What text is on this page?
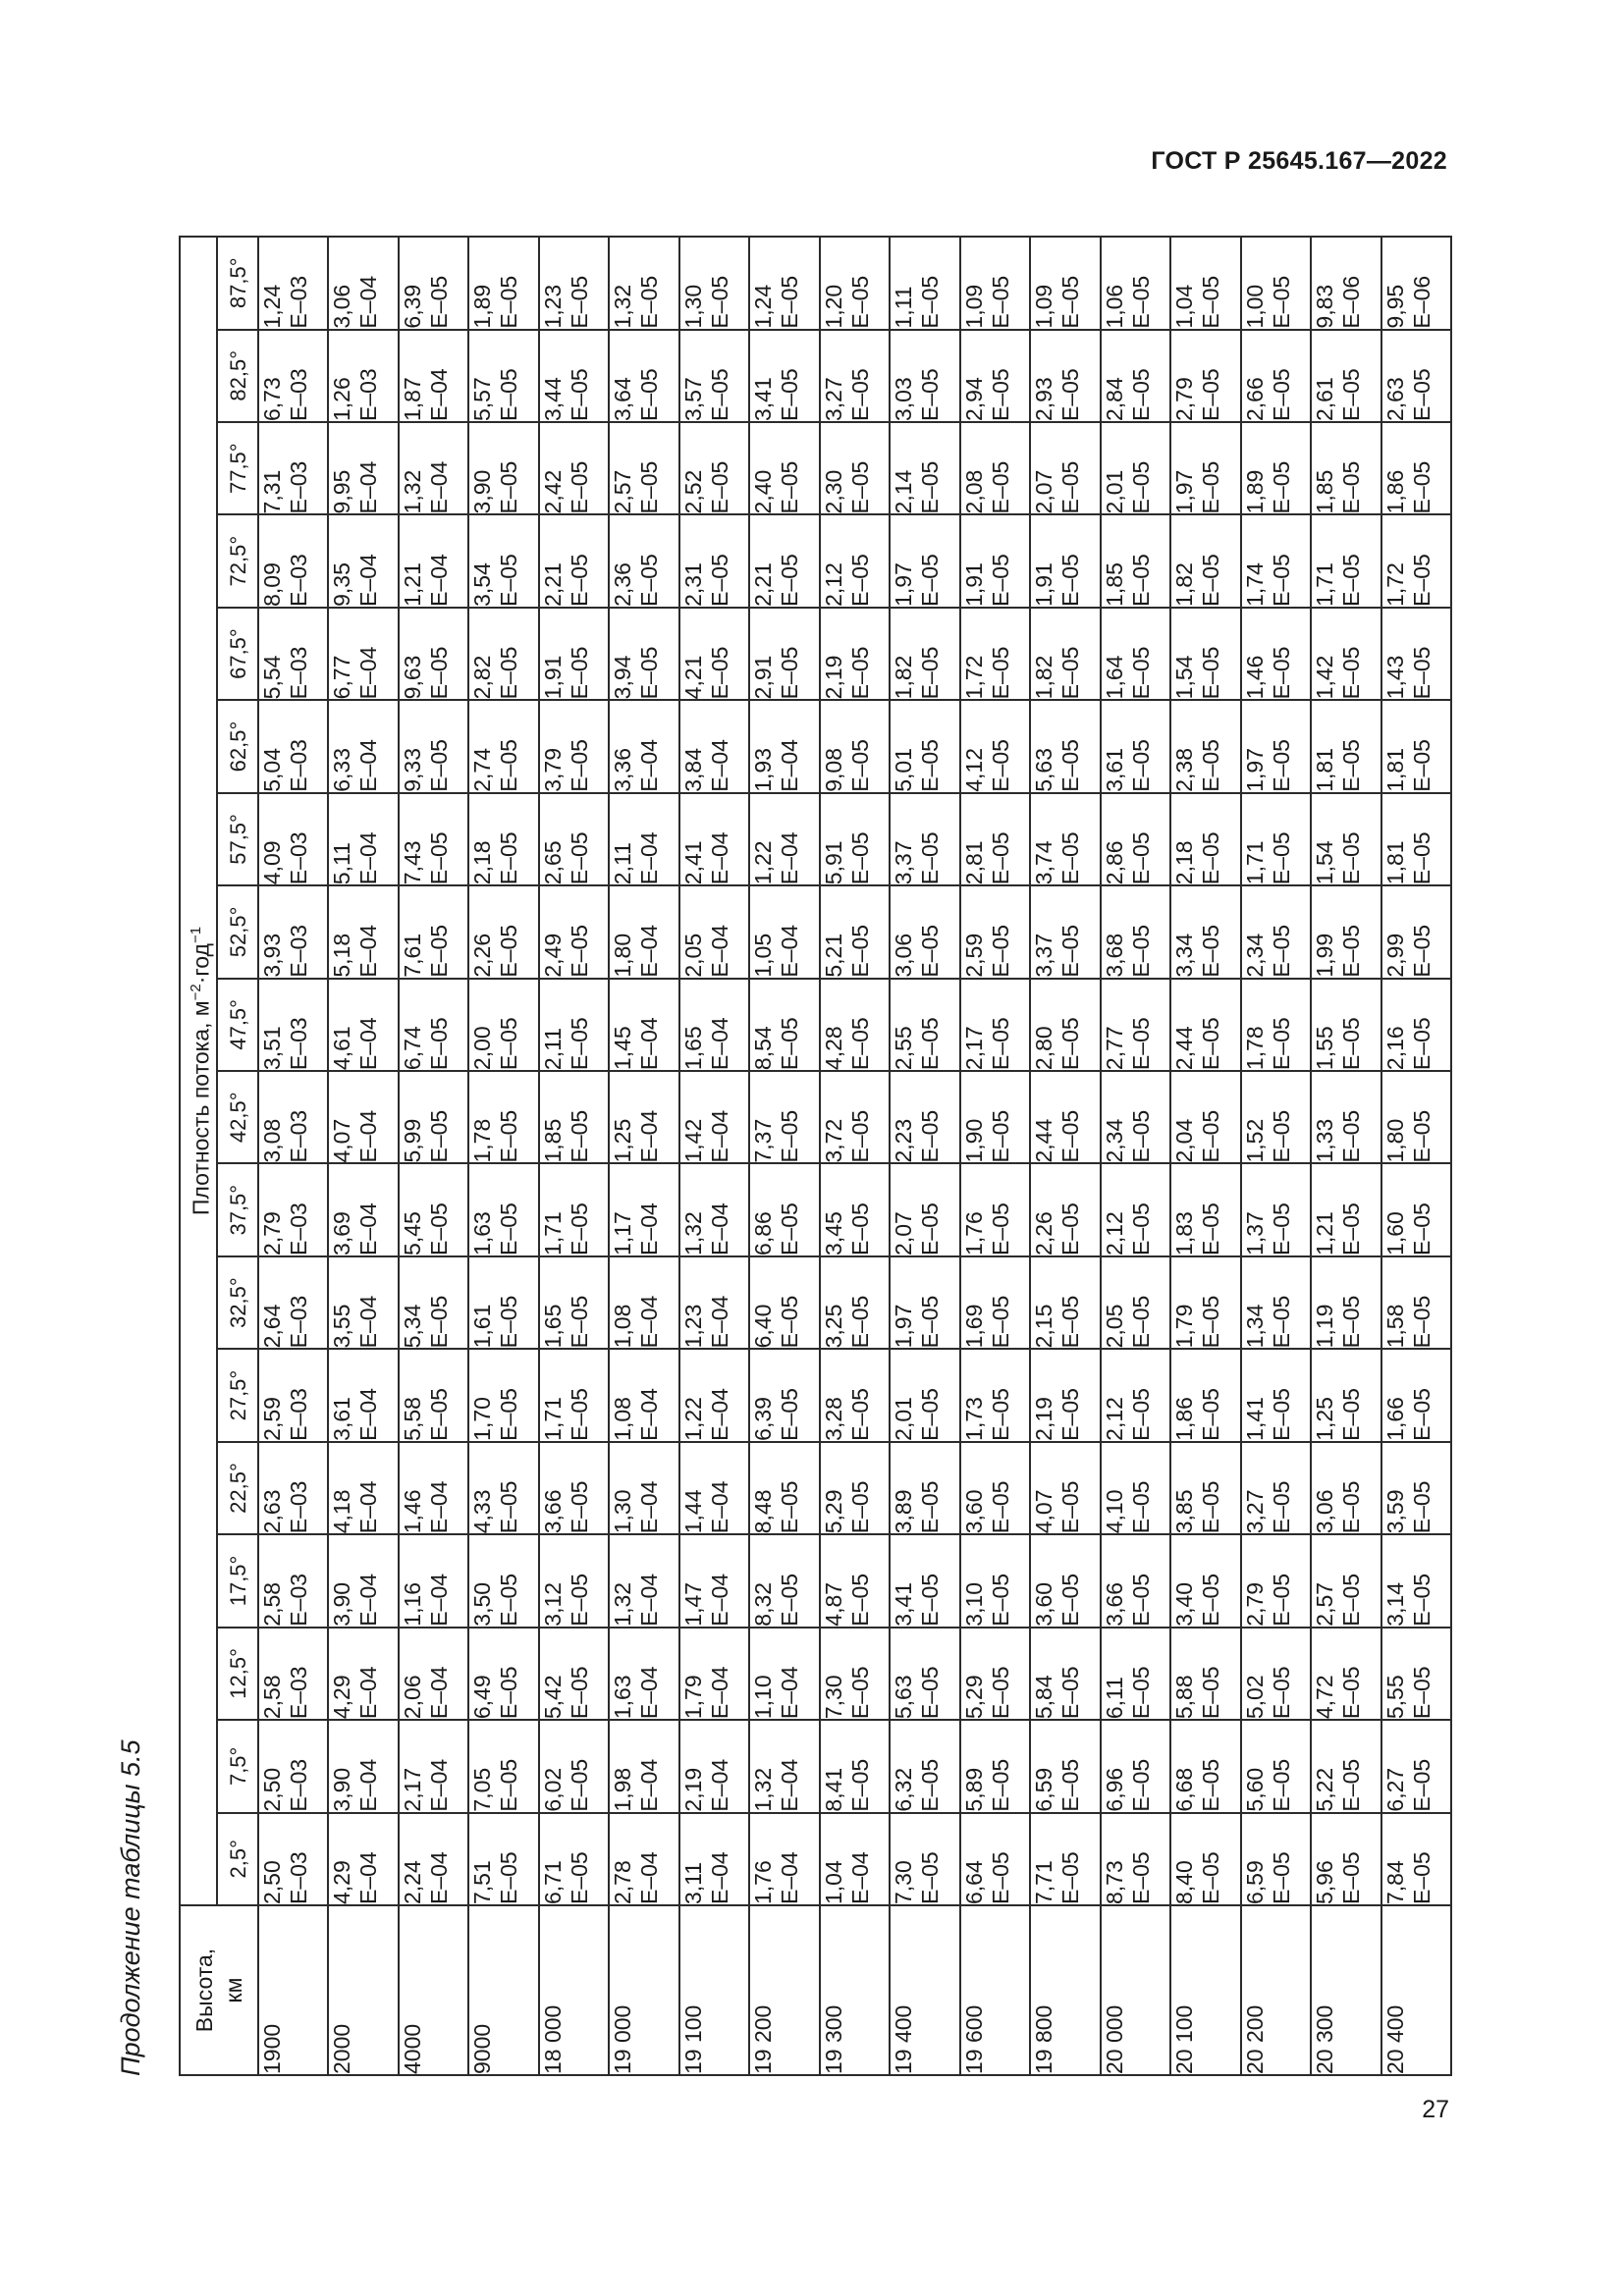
ГОСТ Р 25645.167—2022
Продолжение таблицы 5.5 Высота, км	Плотность потока, $м^{-2}\cdot год^{-1}$
	2,5°	7,5°	12,5°	17,5°	22,5°	27,5°	32,5°	37,5°	42,5°	47,5°	52,5°	57,5°	62,5°	67,5°	72,5°	77,5°	82,5°	87,5°
1900	2,50 E–03	2,50 E–03	2,58 E–03	2,58 E–03	2,63 E–03	2,59 E–03	2,64 E–03	2,79 E–03	3,08 E–03	3,51 E–03	3,93 E–03	4,09 E–03	5,04 E–03	5,54 E–03	8,09 E–03	7,31 E–03	6,73 E–03	1,24 E–03

2000	4,29 E–04	3,90 E–04	4,29 E–04	3,90 E–04	4,18 E–04	3,61 E–04	3,55 E–04	3,69 E–04	4,07 E–04	4,61 E–04	5,18 E–04	5,11 E–04	6,33 E–04	6,77 E–04	9,35 E–04	9,95 E–04	1,26 E–03	3,06 E–04

4000	2,24 E–04	2,17 E–04	2,06 E–04	1,16 E–04	1,46 E–04	5,58 E–05	5,34 E–05	5,45 E–05	5,99 E–05	6,74 E–05	7,61 E–05	7,43 E–05	9,33 E–05	9,63 E–05	1,21 E–04	1,32 E–04	1,87 E–04	6,39 E–05

9000	7,51 E–05	7,05 E–05	6,49 E–05	3,50 E–05	4,33 E–05	1,70 E–05	1,61 E–05	1,63 E–05	1,78 E–05	2,00 E–05	2,26 E–05	2,18 E–05	2,74 E–05	2,82 E–05	3,54 E–05	3,90 E–05	5,57 E–05	1,89 E–05

18 000	6,71 E–05	6,02 E–05	5,42 E–05	3,12 E–05	3,66 E–05	1,71 E–05	1,65 E–05	1,71 E–05	1,85 E–05	2,11 E–05	2,49 E–05	2,65 E–05	3,79 E–05	1,91 E–05	2,21 E–05	2,42 E–05	3,44 E–05	1,23 E–05

19 000	2,78 E–04	1,98 E–04	1,63 E–04	1,32 E–04	1,30 E–04	1,08 E–04	1,08 E–04	1,17 E–04	1,25 E–04	1,45 E–04	1,80 E–04	2,11 E–04	3,36 E–04	3,94 E–05	2,36 E–05	2,57 E–05	3,64 E–05	1,32 E–05

19 100	3,11 E–04	2,19 E–04	1,79 E–04	1,47 E–04	1,44 E–04	1,22 E–04	1,23 E–04	1,32 E–04	1,42 E–04	1,65 E–04	2,05 E–04	2,41 E–04	3,84 E–04	4,21 E–05	2,31 E–05	2,52 E–05	3,57 E–05	1,30 E–05

19 200	1,76 E–04	1,32 E–04	1,10 E–04	8,32 E–05	8,48 E–05	6,39 E–05	6,40 E–05	6,86 E–05	7,37 E–05	8,54 E–05	1,05 E–04	1,22 E–04	1,93 E–04	2,91 E–05	2,21 E–05	2,40 E–05	3,41 E–05	1,24 E–05

19 300	1,04 E–04	8,41 E–05	7,30 E–05	4,87 E–05	5,29 E–05	3,28 E–05	3,25 E–05	3,45 E–05	3,72 E–05	4,28 E–05	5,21 E–05	5,91 E–05	9,08 E–05	2,19 E–05	2,12 E–05	2,30 E–05	3,27 E–05	1,20 E–05

19 400	7,30 E–05	6,32 E–05	5,63 E–05	3,41 E–05	3,89 E–05	2,01 E–05	1,97 E–05	2,07 E–05	2,23 E–05	2,55 E–05	3,06 E–05	3,37 E–05	5,01 E–05	1,82 E–05	1,97 E–05	2,14 E–05	3,03 E–05	1,11 E–05

19 600	6,64 E–05	5,89 E–05	5,29 E–05	3,10 E–05	3,60 E–05	1,73 E–05	1,69 E–05	1,76 E–05	1,90 E–05	2,17 E–05	2,59 E–05	2,81 E–05	4,12 E–05	1,72 E–05	1,91 E–05	2,08 E–05	2,94 E–05	1,09 E–05

19 800	7,71 E–05	6,59 E–05	5,84 E–05	3,60 E–05	4,07 E–05	2,19 E–05	2,15 E–05	2,26 E–05	2,44 E–05	2,80 E–05	3,37 E–05	3,74 E–05	5,63 E–05	1,82 E–05	1,91 E–05	2,07 E–05	2,93 E–05	1,09 E–05

20 000	8,73 E–05	6,96 E–05	6,11 E–05	3,66 E–05	4,10 E–05	2,12 E–05	2,05 E–05	2,12 E–05	2,34 E–05	2,77 E–05	3,68 E–05	2,86 E–05	3,61 E–05	1,64 E–05	1,85 E–05	2,01 E–05	2,84 E–05	1,06 E–05

20 100	8,40 E–05	6,68 E–05	5,88 E–05	3,40 E–05	3,85 E–05	1,86 E–05	1,79 E–05	1,83 E–05	2,04 E–05	2,44 E–05	3,34 E–05	2,18 E–05	2,38 E–05	1,54 E–05	1,82 E–05	1,97 E–05	2,79 E–05	1,04 E–05

20 200	6,59 E–05	5,60 E–05	5,02 E–05	2,79 E–05	3,27 E–05	1,41 E–05	1,34 E–05	1,37 E–05	1,52 E–05	1,78 E–05	2,34 E–05	1,71 E–05	1,97 E–05	1,46 E–05	1,74 E–05	1,89 E–05	2,66 E–05	1,00 E–05

20 300	5,96 E–05	5,22 E–05	4,72 E–05	2,57 E–05	3,06 E–05	1,25 E–05	1,19 E–05	1,21 E–05	1,33 E–05	1,55 E–05	1,99 E–05	1,54 E–05	1,81 E–05	1,42 E–05	1,71 E–05	1,85 E–05	2,61 E–05	9,83 E–06

20 400	7,84 E–05	6,27 E–05	5,55 E–05	3,14 E–05	3,59 E–05	1,66 E–05	1,58 E–05	1,60 E–05	1,80 E–05	2,16 E–05	2,99 E–05	1,81 E–05	1,81 E–05	1,43 E–05	1,72 E–05	1,86 E–05	2,63 E–05	9,95 E–06
27
